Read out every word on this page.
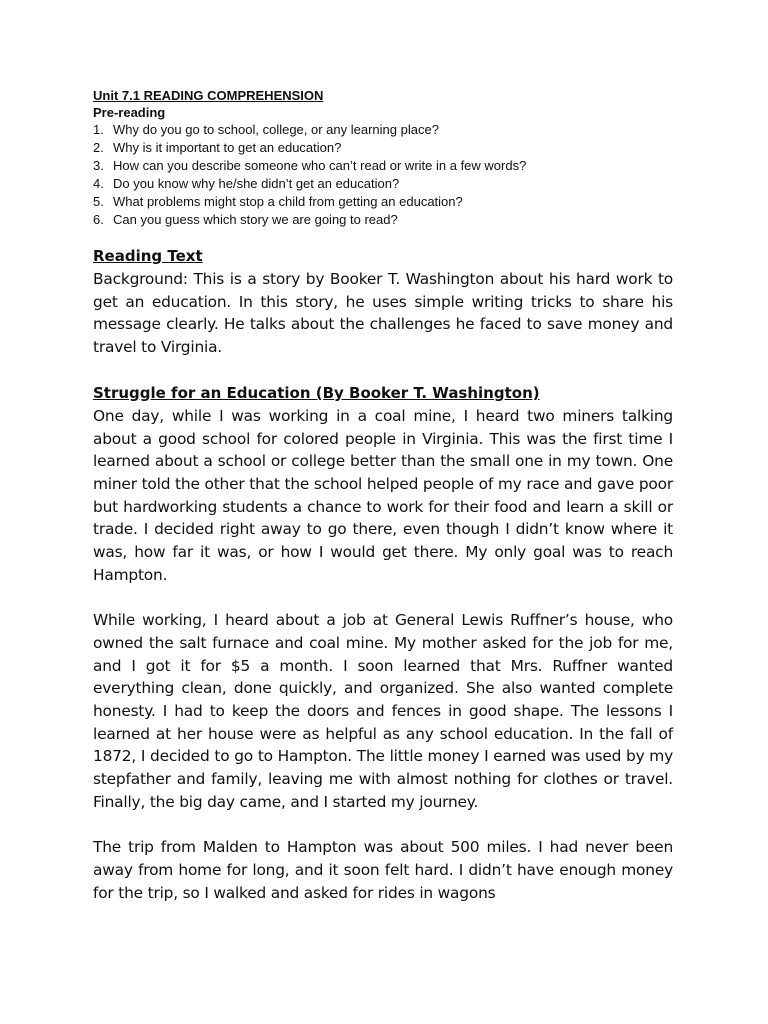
Unit 7.1 READING COMPREHENSION

Pre-reading

1. Why do you go to school, college, or any learning place?
2. Why is it important to get an education?
3. How can you describe someone who can’t read or write in a few words?
4. Do you know why he/she didn’t get an education?
5. What problems might stop a child from getting an education?
6. Can you guess which story we are going to read?

Reading Text

Background: This is a story by Booker T. Washington about his hard work to get an education. In this story, he uses simple writing tricks to share his message clearly. He talks about the challenges he faced to save money and travel to Virginia.

Struggle for an Education (By Booker T. Washington)

One day, while I was working in a coal mine, I heard two miners talking about a good school for colored people in Virginia. This was the first time I learned about a school or college better than the small one in my town. One miner told the other that the school helped people of my race and gave poor but hardworking students a chance to work for their food and learn a skill or trade. I decided right away to go there, even though I didn’t know where it was, how far it was, or how I would get there. My only goal was to reach Hampton.

While working, I heard about a job at General Lewis Ruffner’s house, who owned the salt furnace and coal mine. My mother asked for the job for me, and I got it for $5 a month. I soon learned that Mrs. Ruffner wanted everything clean, done quickly, and organized. She also wanted complete honesty. I had to keep the doors and fences in good shape. The lessons I learned at her house were as helpful as any school education. In the fall of 1872, I decided to go to Hampton. The little money I earned was used by my stepfather and family, leaving me with almost nothing for clothes or travel. Finally, the big day came, and I started my journey.

The trip from Malden to Hampton was about 500 miles. I had never been away from home for long, and it soon felt hard. I didn’t have enough money for the trip, so I walked and asked for rides in wagons
